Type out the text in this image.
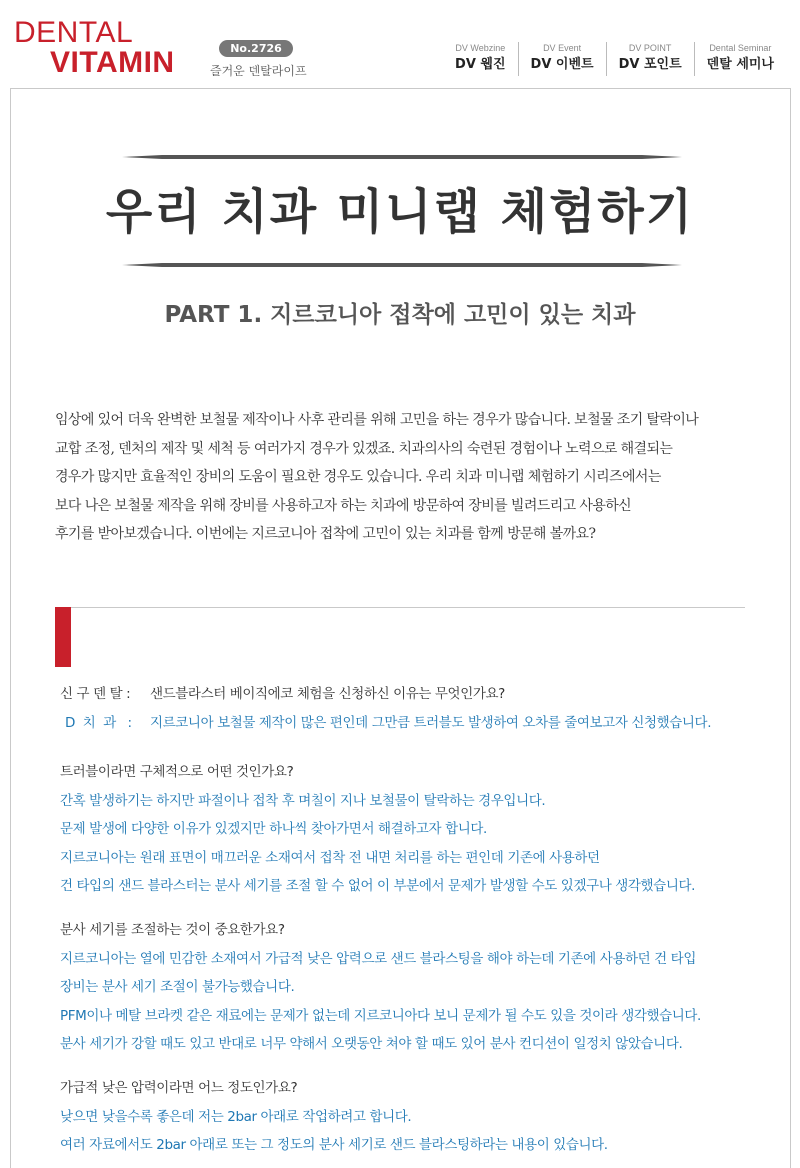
DENTAL
VITAMIN	No.2726
즐거운 덴탈라이프
DV Webzine
DV 웹진
DV Event
DV 이벤트
DV POINT
DV 포인트
Dental Seminar
덴탈 세미나
우리 치과 미니랩 체험하기
PART 1. 지르코니아 접착에 고민이 있는 치과

임상에 있어 더욱 완벽한 보철물 제작이나 사후 관리를 위해 고민을 하는 경우가 많습니다. 보철물 조기 탈락이나

교합 조정, 덴처의 제작 및 세척 등 여러가지 경우가 있겠죠. 치과의사의 숙련된 경험이나 노력으로 해결되는

경우가 많지만 효율적인 장비의 도움이 필요한 경우도 있습니다. 우리 치과 미니랩 체험하기 시리즈에서는

보다 나은 보철물 제작을 위해 장비를 사용하고자 하는 치과에 방문하여 장비를 빌려드리고 사용하신

후기를 받아보겠습니다. 이번에는 지르코니아 접착에 고민이 있는 치과를 함께 방문해 볼까요?

신 구 덴 탈 :	샌드블라스터 베이직에코 체험을 신청하신 이유는 무엇인가요?
D  치  과   :	지르코니아 보철물 제작이 많은 편인데 그만큼 트러블도 발생하여 오차를 줄여보고자 신청했습니다.
트러블이라면 구체적으로 어떤 것인가요?
간혹 발생하기는 하지만 파절이나 접착 후 며칠이 지나 보철물이 탈락하는 경우입니다.
문제 발생에 다양한 이유가 있겠지만 하나씩 찾아가면서 해결하고자 합니다.
지르코니아는 원래 표면이 매끄러운 소재여서 접착 전 내면 처리를 하는 편인데 기존에 사용하던
건 타입의 샌드 블라스터는 분사 세기를 조절 할 수 없어 이 부분에서 문제가 발생할 수도 있겠구나 생각했습니다.
분사 세기를 조절하는 것이 중요한가요?
지르코니아는 열에 민감한 소재여서 가급적 낮은 압력으로 샌드 블라스팅을 해야 하는데 기존에 사용하던 건 타입
장비는 분사 세기 조절이 불가능했습니다.
PFM이나 메탈 브라켓 같은 재료에는 문제가 없는데 지르코니아다 보니 문제가 될 수도 있을 것이라 생각했습니다.
분사 세기가 강할 때도 있고 반대로 너무 약해서 오랫동안 쳐야 할 때도 있어 분사 컨디션이 일정치 않았습니다.
가급적 낮은 압력이라면 어느 정도인가요?
낮으면 낮을수록 좋은데 저는 2bar 아래로 작업하려고 합니다.
여러 자료에서도 2bar 아래로 또는 그 정도의 분사 세기로 샌드 블라스팅하라는 내용이 있습니다.
